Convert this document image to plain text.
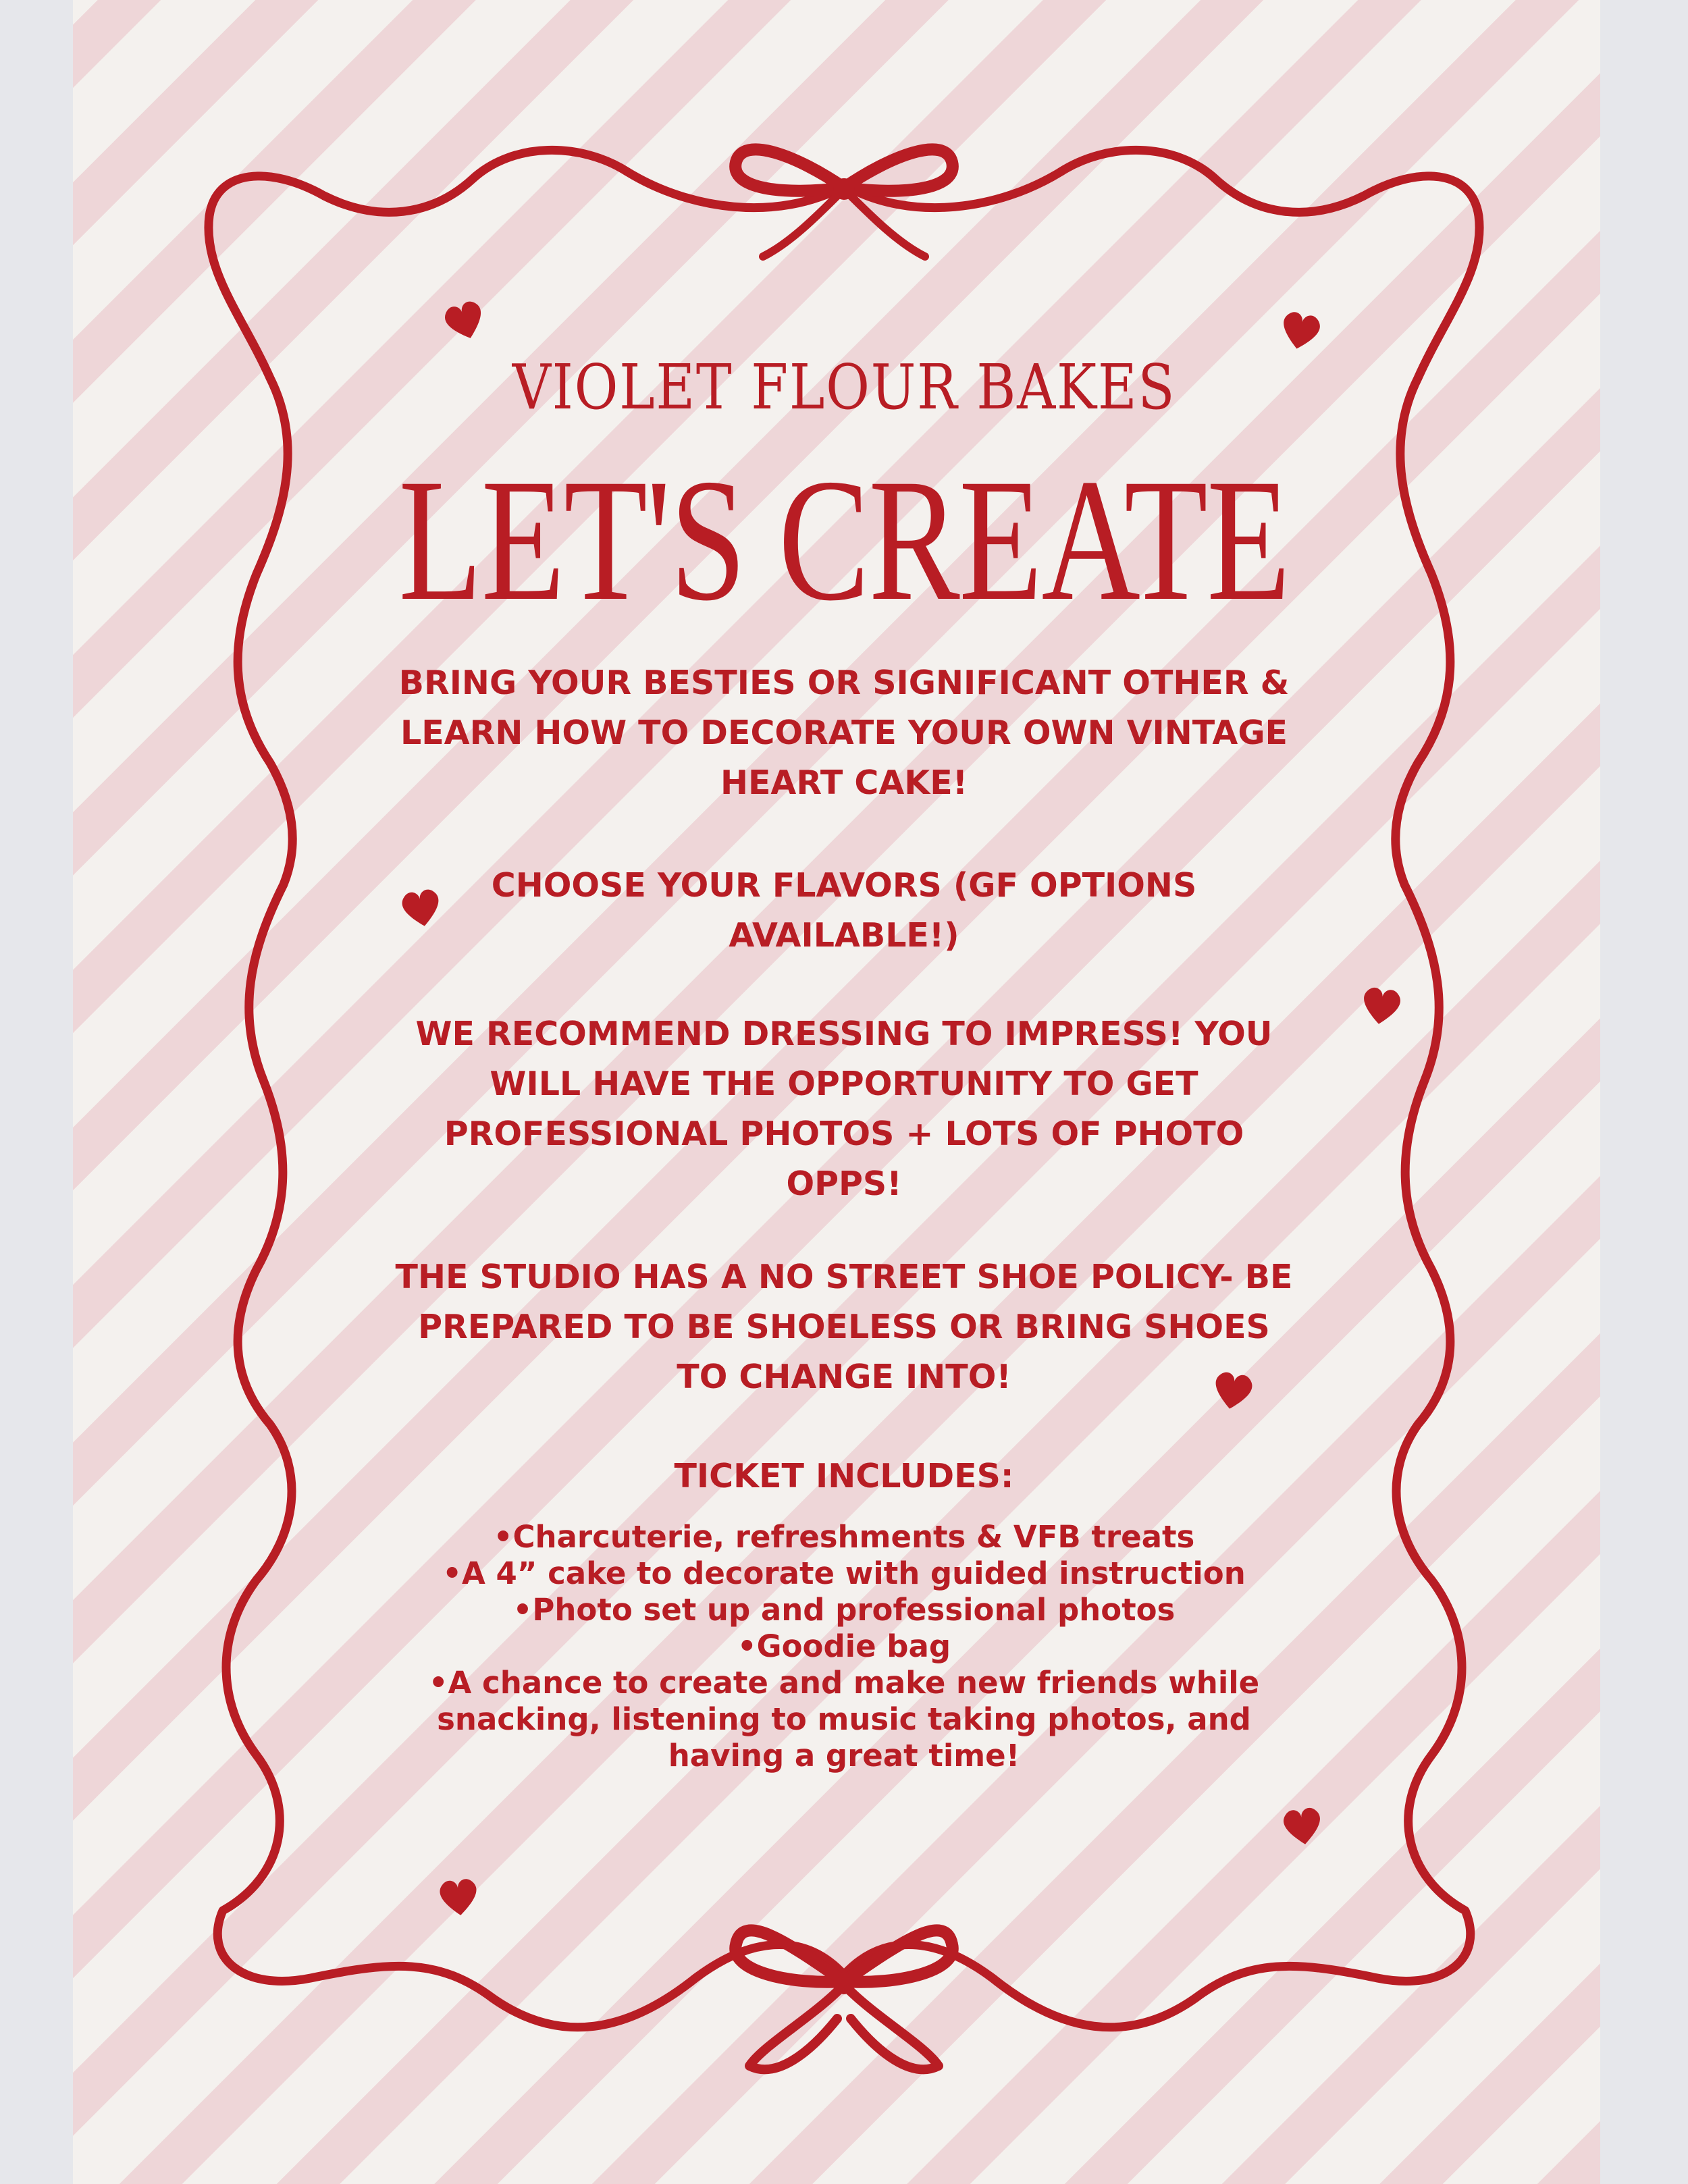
VIOLET FLOUR BAKES
LET'S CREATE
BRING YOUR BESTIES OR SIGNIFICANT OTHER &
LEARN HOW TO DECORATE YOUR OWN VINTAGE
HEART CAKE!
CHOOSE YOUR FLAVORS (GF OPTIONS
AVAILABLE!)
WE RECOMMEND DRESSING TO IMPRESS! YOU
WILL HAVE THE OPPORTUNITY TO GET
PROFESSIONAL PHOTOS + LOTS OF PHOTO
OPPS!
THE STUDIO HAS A NO STREET SHOE POLICY- BE
PREPARED TO BE SHOELESS OR BRING SHOES
TO CHANGE INTO!
TICKET INCLUDES:
•Charcuterie, refreshments & VFB treats
•A 4” cake to decorate with guided instruction
•Photo set up and professional photos
•Goodie bag
•A chance to create and make new friends while
snacking, listening to music taking photos, and
having a great time!
